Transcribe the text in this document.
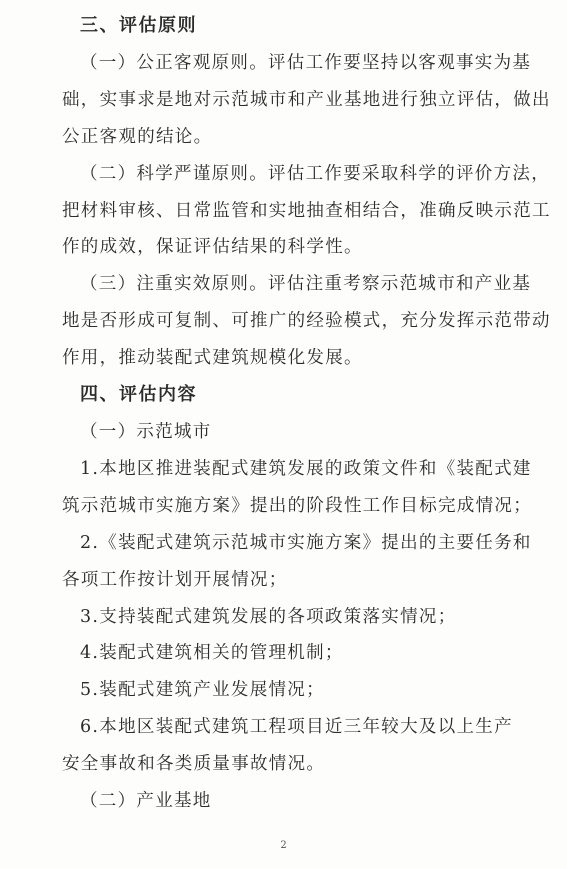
三、评估原则
（一）公正客观原则。评估工作要坚持以客观事实为基
础，实事求是地对示范城市和产业基地进行独立评估，做出
公正客观的结论。
（二）科学严谨原则。评估工作要采取科学的评价方法，
把材料审核、日常监管和实地抽查相结合，准确反映示范工
作的成效，保证评估结果的科学性。
（三）注重实效原则。评估注重考察示范城市和产业基
地是否形成可复制、可推广的经验模式，充分发挥示范带动
作用，推动装配式建筑规模化发展。
四、评估内容
（一）示范城市
1.本地区推进装配式建筑发展的政策文件和《装配式建
筑示范城市实施方案》提出的阶段性工作目标完成情况；
2.《装配式建筑示范城市实施方案》提出的主要任务和
各项工作按计划开展情况；
3.支持装配式建筑发展的各项政策落实情况；
4.装配式建筑相关的管理机制；
5.装配式建筑产业发展情况；
6.本地区装配式建筑工程项目近三年较大及以上生产
安全事故和各类质量事故情况。
（二）产业基地
2
